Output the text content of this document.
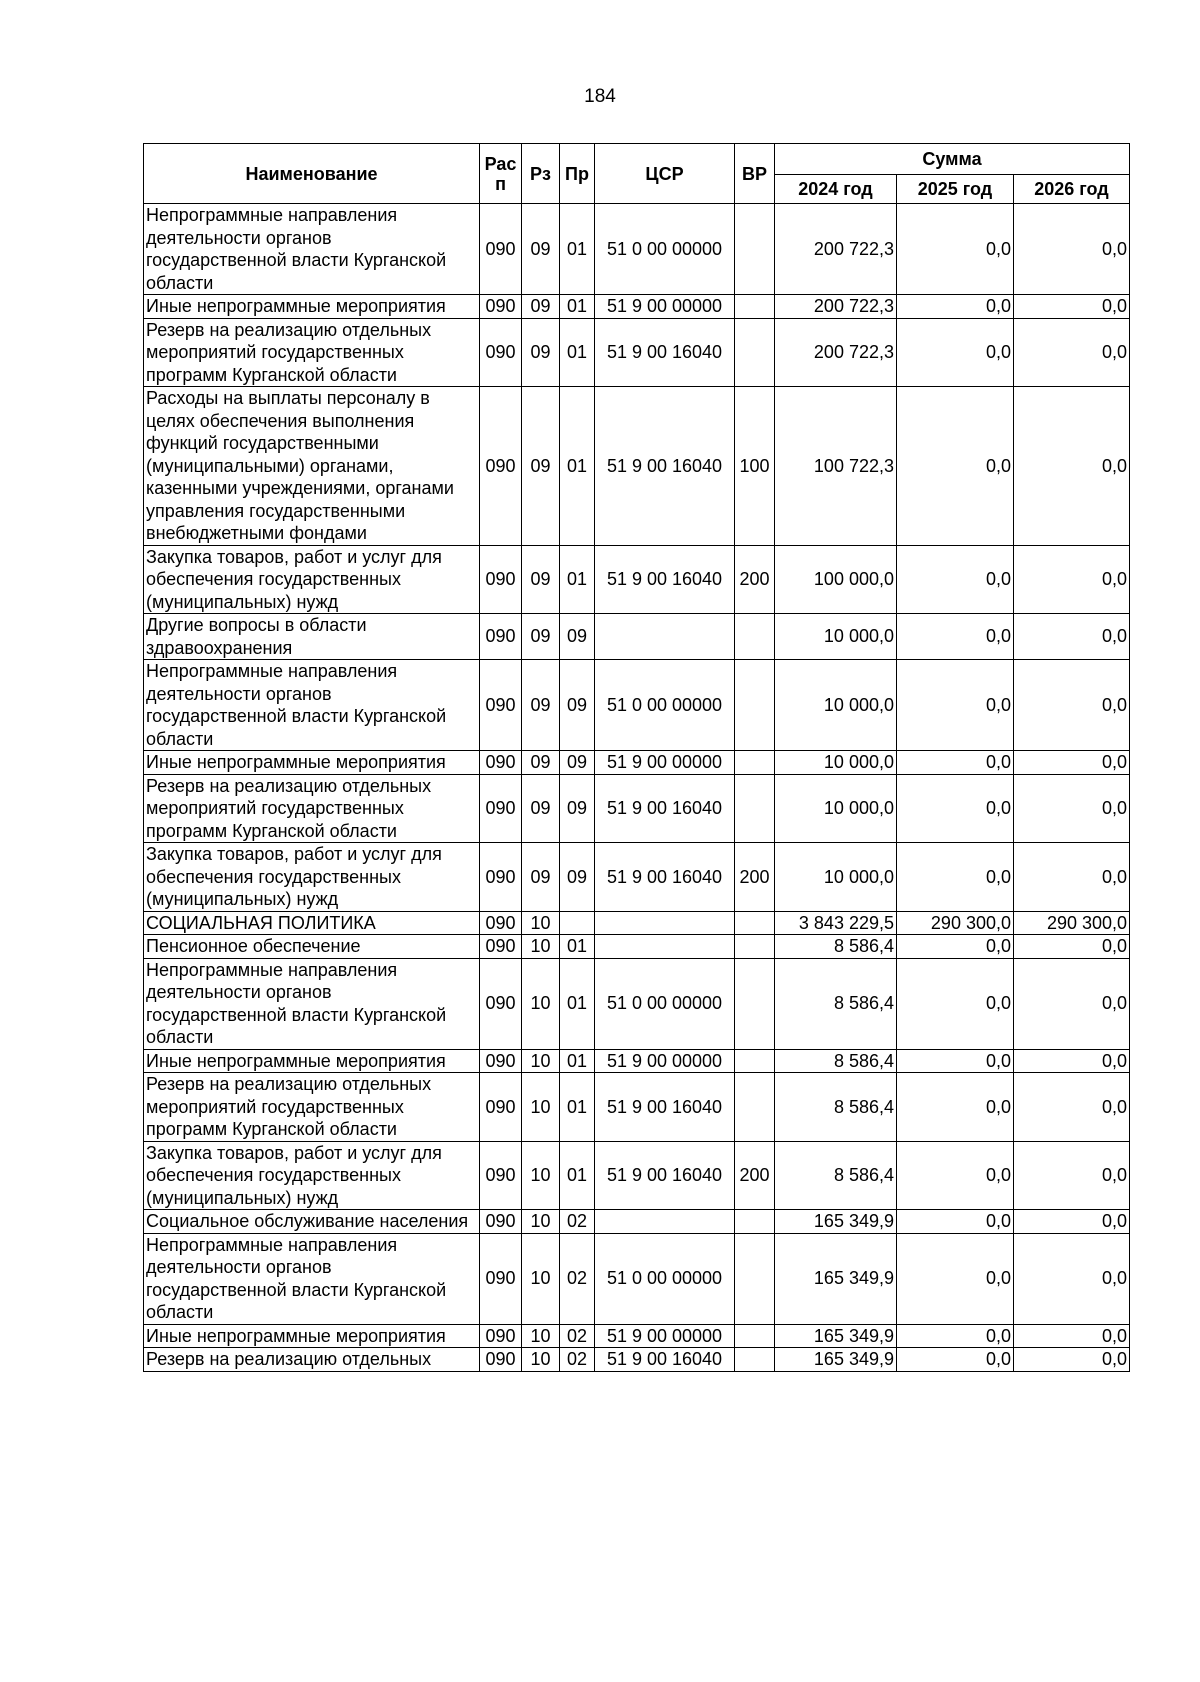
184
Наименование	Рас п	Рз	Пр	ЦСР	ВР	Сумма		
						2024 год	2025 год	2026 год
Непрограммные направления деятельности органов государственной власти Курганской области	090	09	01	51 0 00 00000		200 722,3	0,0	0,0
Иные непрограммные мероприятия	090	09	01	51 9 00 00000		200 722,3	0,0	0,0
Резерв на реализацию отдельных мероприятий государственных программ Курганской области	090	09	01	51 9 00 16040		200 722,3	0,0	0,0
Расходы на выплаты персоналу в целях обеспечения выполнения функций государственными (муниципальными) органами, казенными учреждениями, органами управления государственными внебюджетными фондами	090	09	01	51 9 00 16040	100	100 722,3	0,0	0,0
Закупка товаров, работ и услуг для обеспечения государственных (муниципальных) нужд	090	09	01	51 9 00 16040	200	100 000,0	0,0	0,0
Другие вопросы в области здравоохранения	090	09	09			10 000,0	0,0	0,0
Непрограммные направления деятельности органов государственной власти Курганской области	090	09	09	51 0 00 00000		10 000,0	0,0	0,0
Иные непрограммные мероприятия	090	09	09	51 9 00 00000		10 000,0	0,0	0,0
Резерв на реализацию отдельных мероприятий государственных программ Курганской области	090	09	09	51 9 00 16040		10 000,0	0,0	0,0
Закупка товаров, работ и услуг для обеспечения государственных (муниципальных) нужд	090	09	09	51 9 00 16040	200	10 000,0	0,0	0,0
СОЦИАЛЬНАЯ ПОЛИТИКА	090	10				3 843 229,5	290 300,0	290 300,0
Пенсионное обеспечение	090	10	01			8 586,4	0,0	0,0
Непрограммные направления деятельности органов государственной власти Курганской области	090	10	01	51 0 00 00000		8 586,4	0,0	0,0
Иные непрограммные мероприятия	090	10	01	51 9 00 00000		8 586,4	0,0	0,0
Резерв на реализацию отдельных мероприятий государственных программ Курганской области	090	10	01	51 9 00 16040		8 586,4	0,0	0,0
Закупка товаров, работ и услуг для обеспечения государственных (муниципальных) нужд	090	10	01	51 9 00 16040	200	8 586,4	0,0	0,0
Социальное обслуживание населения	090	10	02			165 349,9	0,0	0,0
Непрограммные направления деятельности органов государственной власти Курганской области	090	10	02	51 0 00 00000		165 349,9	0,0	0,0
Иные непрограммные мероприятия	090	10	02	51 9 00 00000		165 349,9	0,0	0,0
Резерв на реализацию отдельных	090	10	02	51 9 00 16040		165 349,9	0,0	0,0
